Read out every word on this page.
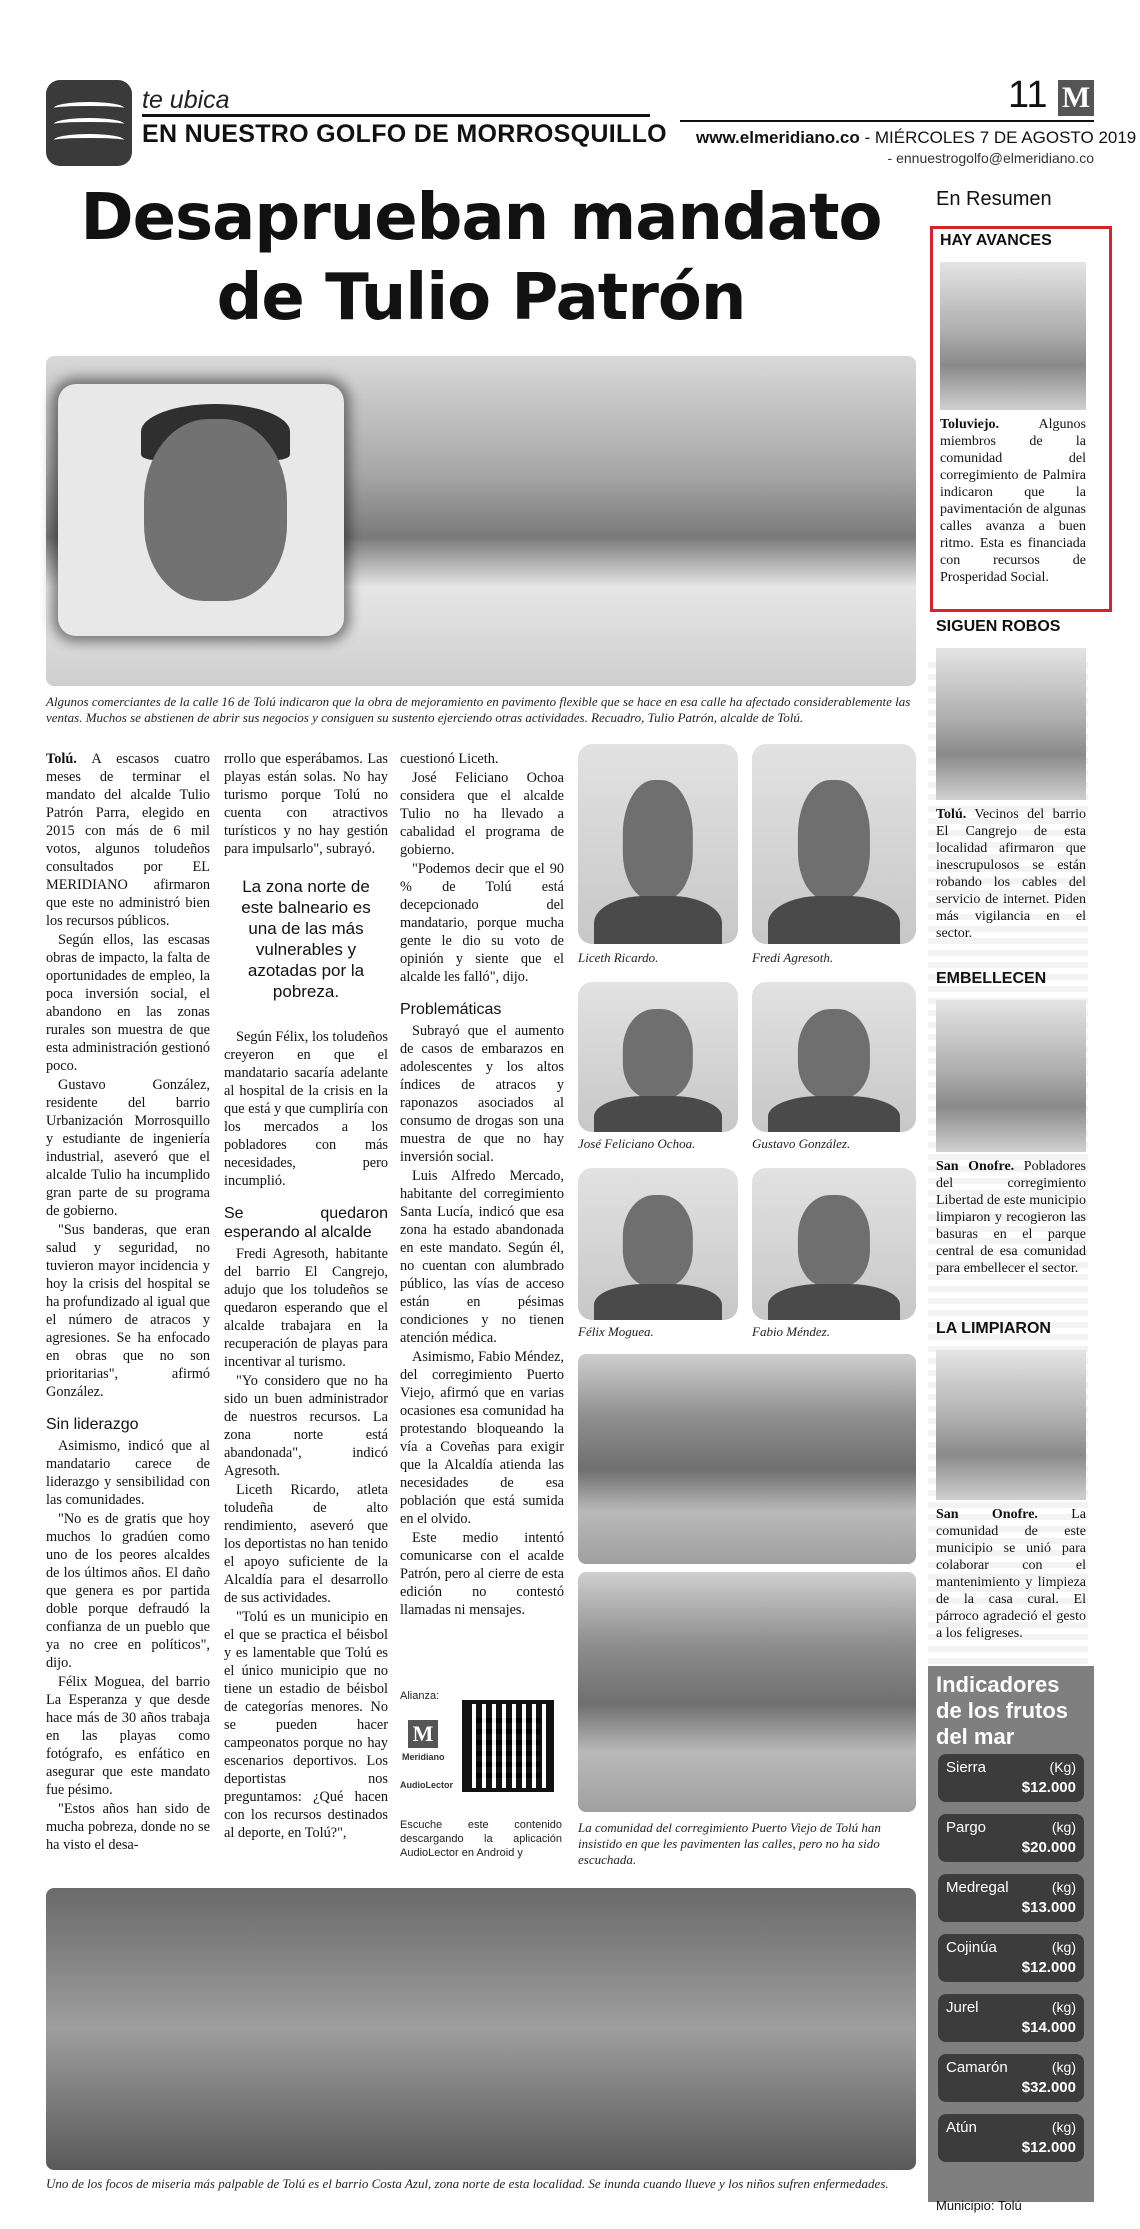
te ubica
EN NUESTRO GOLFO DE MORROSQUILLO
11 M
www.elmeridiano.co - MIÉRCOLES 7 DE AGOSTO 2019
- ennuestrogolfo@elmeridiano.co
Desaprueban mandato de Tulio Patrón
Algunos comerciantes de la calle 16 de Tolú indicaron que la obra de mejoramiento en pavimento flexible que se hace en esa calle ha afectado considerablemente las ventas. Muchos se abstienen de abrir sus negocios y consiguen su sustento ejerciendo otras actividades. Recuadro, Tulio Patrón, alcalde de Tolú.

Tolú. A escasos cuatro meses de terminar el mandato del alcalde Tulio Patrón Parra, elegido en 2015 con más de 6 mil votos, algunos toludeños consultados por EL MERIDIANO afirmaron que este no administró bien los recursos públicos.

Según ellos, las escasas obras de impacto, la falta de oportunidades de empleo, la poca inversión social, el abandono en las zonas rurales son muestra de que esta administración gestionó poco.

Gustavo González, residente del barrio Urbanización Morrosquillo y estudiante de ingeniería industrial, aseveró que el alcalde Tulio ha incumplido gran parte de su programa de gobierno.

"Sus banderas, que eran salud y seguridad, no tuvieron mayor incidencia y hoy la crisis del hospital se ha profundizado al igual que el número de atracos y agresiones. Se ha enfocado en obras que no son prioritarias", afirmó González.

Sin liderazgo

Asimismo, indicó que al mandatario carece de liderazgo y sensibilidad con las comunidades.

"No es de gratis que hoy muchos lo gradúen como uno de los peores alcaldes de los últimos años. El daño que genera es por partida doble porque defraudó la confianza de un pueblo que ya no cree en políticos", dijo.

Félix Moguea, del barrio La Esperanza y que desde hace más de 30 años trabaja en las playas como fotógrafo, es enfático en asegurar que este mandato fue pésimo.

"Estos años han sido de mucha pobreza, donde no se ha visto el desa-

rrollo que esperábamos. Las playas están solas. No hay turismo porque Tolú no cuenta con atractivos turísticos y no hay gestión para impulsarlo", subrayó.

La zona norte de este balneario es una de las más vulnerables y azotadas por la pobreza.

Según Félix, los toludeños creyeron en que el mandatario sacaría adelante al hospital de la crisis en la que está y que cumpliría con los mercados a los pobladores con más necesidades, pero incumplió.

Se quedaron esperando al alcalde

Fredi Agresoth, habitante del barrio El Cangrejo, adujo que los toludeños se quedaron esperando que el alcalde trabajara en la recuperación de playas para incentivar al turismo.

"Yo considero que no ha sido un buen administrador de nuestros recursos. La zona norte está abandonada", indicó Agresoth.

Liceth Ricardo, atleta toludeña de alto rendimiento, aseveró que los deportistas no han tenido el apoyo suficiente de la Alcaldía para el desarrollo de sus actividades.

"Tolú es un municipio en el que se practica el béisbol y es lamentable que Tolú es el único municipio que no tiene un estadio de béisbol de categorías menores. No se pueden hacer campeonatos porque no hay escenarios deportivos. Los deportistas nos preguntamos: ¿Qué hacen con los recursos destinados al deporte, en Tolú?",

cuestionó Liceth.

José Feliciano Ochoa considera que el alcalde Tulio no ha llevado a cabalidad el programa de gobierno.

"Podemos decir que el 90 % de Tolú está decepcionado del mandatario, porque mucha gente le dio su voto de opinión y siente que el alcalde les falló", dijo.

Problemáticas

Subrayó que el aumento de casos de embarazos en adolescentes y los altos índices de atracos y raponazos asociados al consumo de drogas son una muestra de que no hay inversión social.

Luis Alfredo Mercado, habitante del corregimiento Santa Lucía, indicó que esa zona ha estado abandonada en este mandato. Según él, no cuentan con alumbrado público, las vías de acceso están en pésimas condiciones y no tienen atención médica.

Asimismo, Fabio Méndez, del corregimiento Puerto Viejo, afirmó que en varias ocasiones esa comunidad ha protestando bloqueando la vía a Coveñas para exigir que la Alcaldía atienda las necesidades de esa población que está sumida en el olvido.

Este medio intentó comunicarse con el acalde Patrón, pero al cierre de esta edición no contestó llamadas ni mensajes.

Liceth Ricardo.	Fredi Agresoth.
José Feliciano Ochoa.	Gustavo González.
Félix Moguea.	Fabio Méndez.
La comunidad del corregimiento Puerto Viejo de Tolú han insistido en que les pavimenten las calles, pero no ha sido escuchada.
Alianza:
M
Meridiano
AudioLector
Escuche este contenido descargando la aplicación AudioLector en Android y
Uno de los focos de miseria más palpable de Tolú es el barrio Costa Azul, zona norte de esta localidad. Se inunda cuando llueve y los niños sufren enfermedades.
En Resumen
HAY AVANCES
Toluviejo. Algunos miembros de la comunidad del corregimiento de Palmira indicaron que la pavimentación de algunas calles avanza a buen ritmo. Esta es financiada con recursos de Prosperidad Social.
SIGUEN ROBOS
Tolú. Vecinos del barrio El Cangrejo de esta localidad afirmaron que inescrupulosos se están robando los cables del servicio de internet. Piden más vigilancia en el sector.
EMBELLECEN
San Onofre. Pobladores del corregimiento Libertad de este municipio limpiaron y recogieron las basuras en el parque central de esa comunidad para embellecer el sector.
LA LIMPIARON
San Onofre. La comunidad de este municipio se unió para colaborar con el mantenimiento y limpieza de la casa cural. El párroco agradeció el gesto a los feligreses.
Indicadores de los frutos del mar
Sierra	(Kg)
$12.000
Pargo	(kg)
$20.000
Medregal	(kg)
$13.000
Cojinúa	(kg)
$12.000
Jurel	(kg)
$14.000
Camarón	(kg)
$32.000
Atún	(kg)
$12.000
Municipio: Tolú
